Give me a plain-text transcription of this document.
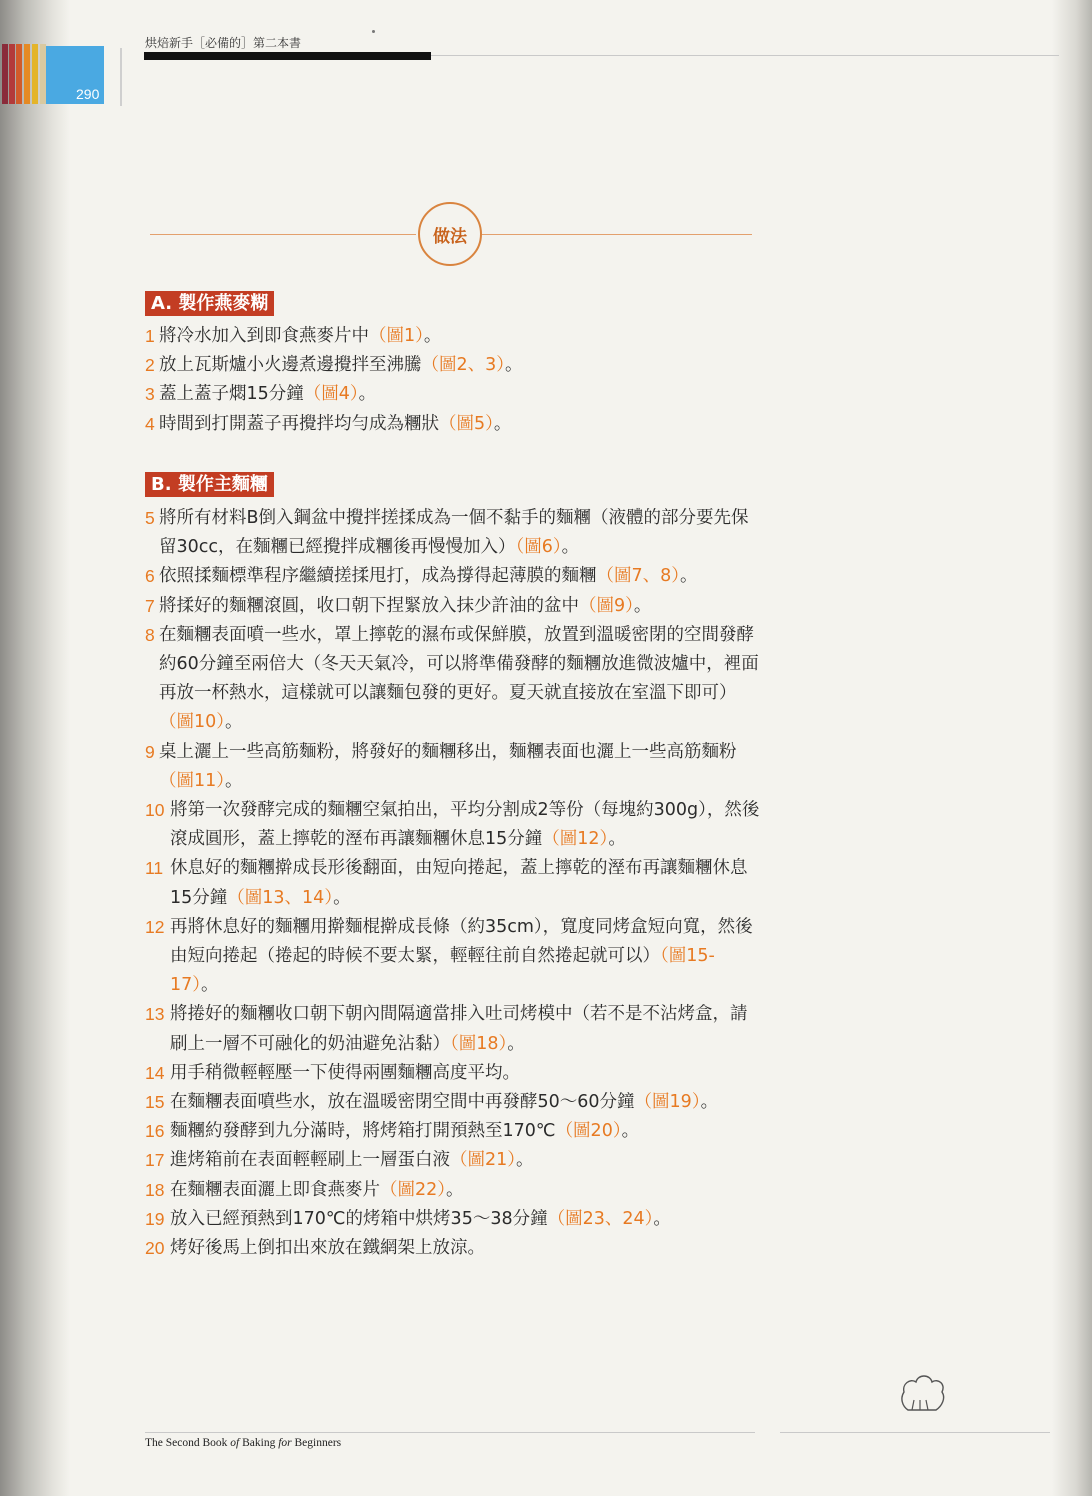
290
烘焙新手［必備的］第二本書
做法
A. 製作燕麥糊
1 將冷水加入到即食燕麥片中（圖1）。
2 放上瓦斯爐小火邊煮邊攪拌至沸騰（圖2、3）。
3 蓋上蓋子燜15分鐘（圖4）。
4 時間到打開蓋子再攪拌均勻成為糰狀（圖5）。
B. 製作主麵糰
5 將所有材料B倒入鋼盆中攪拌搓揉成為一個不黏手的麵糰（液體的部分要先保留30cc，在麵糰已經攪拌成糰後再慢慢加入）（圖6）。
6 依照揉麵標準程序繼續搓揉甩打，成為撐得起薄膜的麵糰（圖7、8）。
7 將揉好的麵糰滾圓，收口朝下捏緊放入抹少許油的盆中（圖9）。
8 在麵糰表面噴一些水，罩上擰乾的濕布或保鮮膜，放置到溫暖密閉的空間發酵約60分鐘至兩倍大（冬天天氣冷，可以將準備發酵的麵糰放進微波爐中，裡面再放一杯熱水，這樣就可以讓麵包發的更好。夏天就直接放在室溫下即可）（圖10）。
9 桌上灑上一些高筋麵粉，將發好的麵糰移出，麵糰表面也灑上一些高筋麵粉（圖11）。
10 將第一次發酵完成的麵糰空氣拍出，平均分割成2等份（每塊約300g），然後滾成圓形，蓋上擰乾的溼布再讓麵糰休息15分鐘（圖12）。
11 休息好的麵糰擀成長形後翻面，由短向捲起，蓋上擰乾的溼布再讓麵糰休息15分鐘（圖13、14）。
12 再將休息好的麵糰用擀麵棍擀成長條（約35cm），寬度同烤盒短向寬，然後由短向捲起（捲起的時候不要太緊，輕輕往前自然捲起就可以）（圖15-17）。
13 將捲好的麵糰收口朝下朝內間隔適當排入吐司烤模中（若不是不沾烤盒，請刷上一層不可融化的奶油避免沾黏）（圖18）。
14 用手稍微輕輕壓一下使得兩團麵糰高度平均。
15 在麵糰表面噴些水，放在溫暖密閉空間中再發酵50～60分鐘（圖19）。
16 麵糰約發酵到九分滿時，將烤箱打開預熱至170℃（圖20）。
17 進烤箱前在表面輕輕刷上一層蛋白液（圖21）。
18 在麵糰表面灑上即食燕麥片（圖22）。
19 放入已經預熱到170℃的烤箱中烘烤35～38分鐘（圖23、24）。
20 烤好後馬上倒扣出來放在鐵網架上放涼。
The Second Book of Baking for Beginners
